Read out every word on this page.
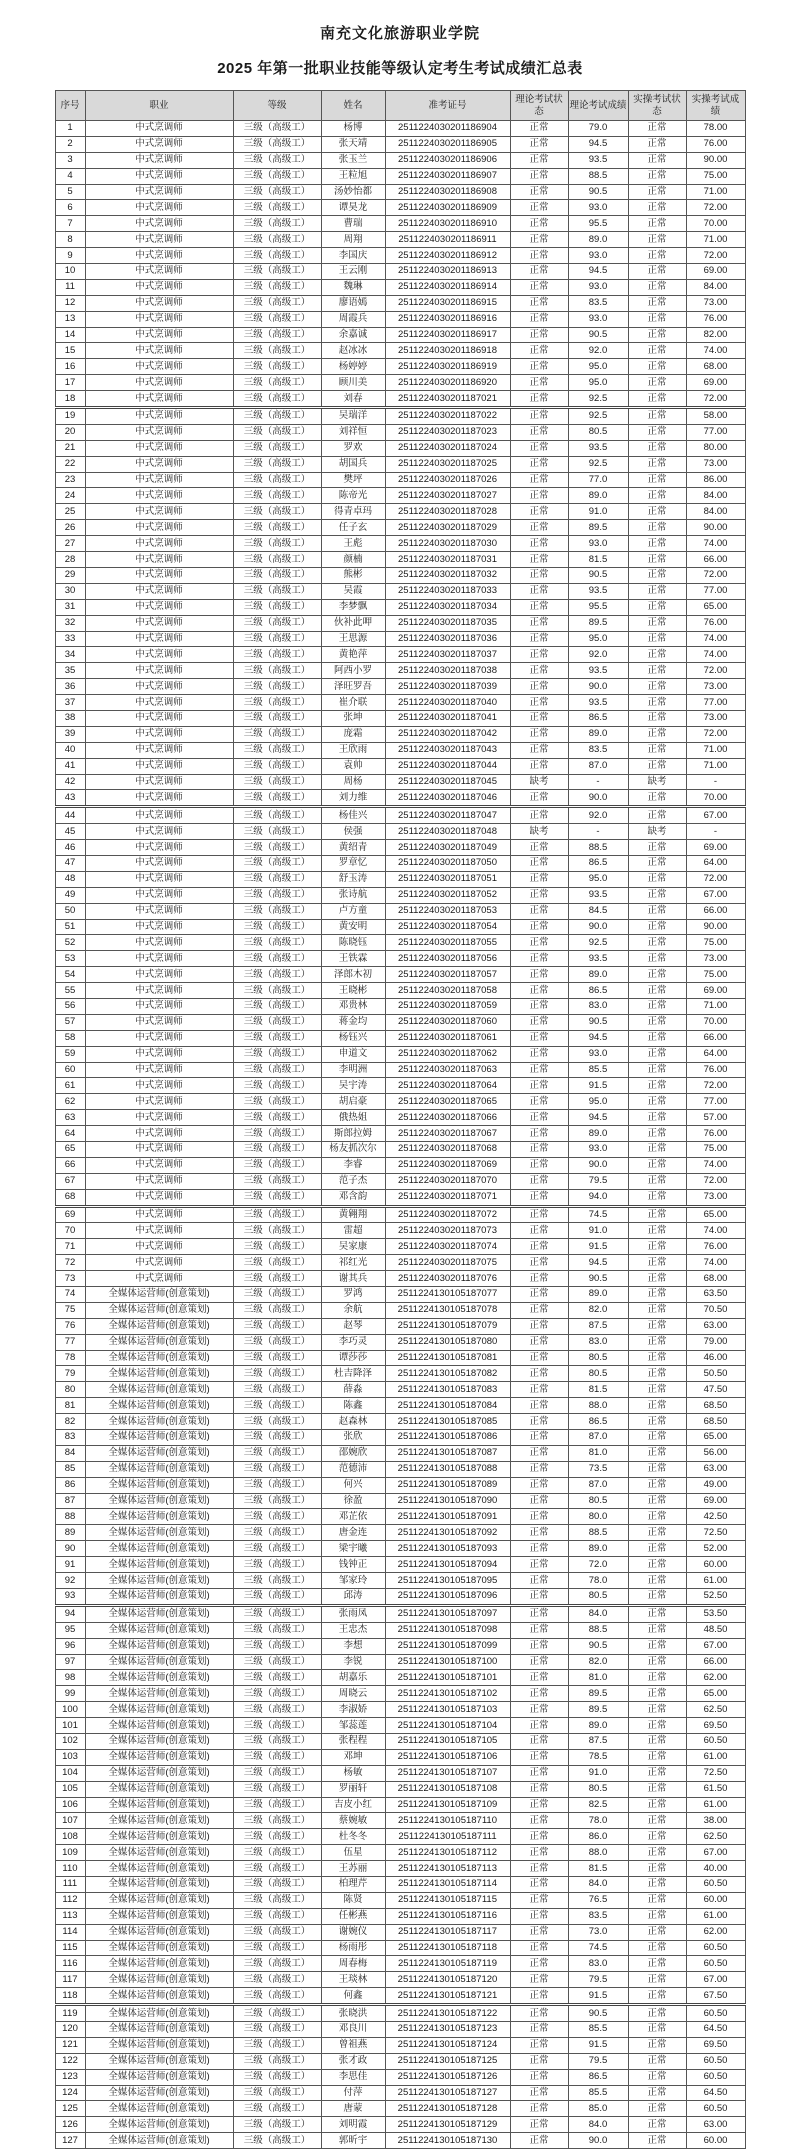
南充文化旅游职业学院
2025 年第一批职业技能等级认定考生考试成绩汇总表
序号	职业	等级	姓名	准考证号	理论考试状态	理论考试成绩	实操考试状态	实操考试成绩
1	中式烹调师	三级（高级工）	杨博	2511224030201186904	正常	79.0	正常	78.00
2	中式烹调师	三级（高级工）	张天靖	2511224030201186905	正常	94.5	正常	76.00
3	中式烹调师	三级（高级工）	张玉兰	2511224030201186906	正常	93.5	正常	90.00
4	中式烹调师	三级（高级工）	王粒旭	2511224030201186907	正常	88.5	正常	75.00
5	中式烹调师	三级（高级工）	汤妙怡都	2511224030201186908	正常	90.5	正常	71.00
6	中式烹调师	三级（高级工）	谭昊龙	2511224030201186909	正常	93.0	正常	72.00
7	中式烹调师	三级（高级工）	曹瑞	2511224030201186910	正常	95.5	正常	70.00
8	中式烹调师	三级（高级工）	周翔	2511224030201186911	正常	89.0	正常	71.00
9	中式烹调师	三级（高级工）	李国庆	2511224030201186912	正常	93.0	正常	72.00
10	中式烹调师	三级（高级工）	王云刚	2511224030201186913	正常	94.5	正常	69.00
11	中式烹调师	三级（高级工）	魏琳	2511224030201186914	正常	93.0	正常	84.00
12	中式烹调师	三级（高级工）	廖语嫣	2511224030201186915	正常	83.5	正常	73.00
13	中式烹调师	三级（高级工）	周霞兵	2511224030201186916	正常	93.0	正常	76.00
14	中式烹调师	三级（高级工）	余嘉诚	2511224030201186917	正常	90.5	正常	82.00
15	中式烹调师	三级（高级工）	赵冰冰	2511224030201186918	正常	92.0	正常	74.00
16	中式烹调师	三级（高级工）	杨婷婷	2511224030201186919	正常	95.0	正常	68.00
17	中式烹调师	三级（高级工）	顾川美	2511224030201186920	正常	95.0	正常	69.00
18	中式烹调师	三级（高级工）	刘春	2511224030201187021	正常	92.5	正常	72.00
19	中式烹调师	三级（高级工）	吴瑞洋	2511224030201187022	正常	92.5	正常	58.00
20	中式烹调师	三级（高级工）	刘祥恒	2511224030201187023	正常	80.5	正常	77.00
21	中式烹调师	三级（高级工）	罗欢	2511224030201187024	正常	93.5	正常	80.00
22	中式烹调师	三级（高级工）	胡国兵	2511224030201187025	正常	92.5	正常	73.00
23	中式烹调师	三级（高级工）	樊坪	2511224030201187026	正常	77.0	正常	86.00
24	中式烹调师	三级（高级工）	陈帝光	2511224030201187027	正常	89.0	正常	84.00
25	中式烹调师	三级（高级工）	得青卓玛	2511224030201187028	正常	91.0	正常	84.00
26	中式烹调师	三级（高级工）	任子玄	2511224030201187029	正常	89.5	正常	90.00
27	中式烹调师	三级（高级工）	王彪	2511224030201187030	正常	93.0	正常	74.00
28	中式烹调师	三级（高级工）	颜楠	2511224030201187031	正常	81.5	正常	66.00
29	中式烹调师	三级（高级工）	熊彬	2511224030201187032	正常	90.5	正常	72.00
30	中式烹调师	三级（高级工）	吴霞	2511224030201187033	正常	93.5	正常	77.00
31	中式烹调师	三级（高级工）	李梦飘	2511224030201187034	正常	95.5	正常	65.00
32	中式烹调师	三级（高级工）	伙补此呷	2511224030201187035	正常	89.5	正常	76.00
33	中式烹调师	三级（高级工）	王思源	2511224030201187036	正常	95.0	正常	74.00
34	中式烹调师	三级（高级工）	黄艳萍	2511224030201187037	正常	92.0	正常	74.00
35	中式烹调师	三级（高级工）	阿西小罗	2511224030201187038	正常	93.5	正常	72.00
36	中式烹调师	三级（高级工）	泽旺罗吾	2511224030201187039	正常	90.0	正常	73.00
37	中式烹调师	三级（高级工）	崔介联	2511224030201187040	正常	93.5	正常	77.00
38	中式烹调师	三级（高级工）	张坤	2511224030201187041	正常	86.5	正常	73.00
39	中式烹调师	三级（高级工）	庞霜	2511224030201187042	正常	89.0	正常	72.00
40	中式烹调师	三级（高级工）	王欣雨	2511224030201187043	正常	83.5	正常	71.00
41	中式烹调师	三级（高级工）	袁帅	2511224030201187044	正常	87.0	正常	71.00
42	中式烹调师	三级（高级工）	周杨	2511224030201187045	缺考	-	缺考	-
43	中式烹调师	三级（高级工）	刘力维	2511224030201187046	正常	90.0	正常	70.00
44	中式烹调师	三级（高级工）	杨佳兴	2511224030201187047	正常	92.0	正常	67.00
45	中式烹调师	三级（高级工）	侯强	2511224030201187048	缺考	-	缺考	-
46	中式烹调师	三级（高级工）	黄绍青	2511224030201187049	正常	88.5	正常	69.00
47	中式烹调师	三级（高级工）	罗章忆	2511224030201187050	正常	86.5	正常	64.00
48	中式烹调师	三级（高级工）	舒玉涛	2511224030201187051	正常	95.0	正常	72.00
49	中式烹调师	三级（高级工）	张诗航	2511224030201187052	正常	93.5	正常	67.00
50	中式烹调师	三级（高级工）	卢方童	2511224030201187053	正常	84.5	正常	66.00
51	中式烹调师	三级（高级工）	黄安明	2511224030201187054	正常	90.0	正常	90.00
52	中式烹调师	三级（高级工）	陈晓钰	2511224030201187055	正常	92.5	正常	75.00
53	中式烹调师	三级（高级工）	王铁霖	2511224030201187056	正常	93.5	正常	73.00
54	中式烹调师	三级（高级工）	泽郎木初	2511224030201187057	正常	89.0	正常	75.00
55	中式烹调师	三级（高级工）	王晓彬	2511224030201187058	正常	86.5	正常	69.00
56	中式烹调师	三级（高级工）	邓贵林	2511224030201187059	正常	83.0	正常	71.00
57	中式烹调师	三级（高级工）	蒋金均	2511224030201187060	正常	90.5	正常	70.00
58	中式烹调师	三级（高级工）	杨钰兴	2511224030201187061	正常	94.5	正常	66.00
59	中式烹调师	三级（高级工）	申道文	2511224030201187062	正常	93.0	正常	64.00
60	中式烹调师	三级（高级工）	李明洲	2511224030201187063	正常	85.5	正常	76.00
61	中式烹调师	三级（高级工）	吴宇涛	2511224030201187064	正常	91.5	正常	72.00
62	中式烹调师	三级（高级工）	胡启豪	2511224030201187065	正常	95.0	正常	77.00
63	中式烹调师	三级（高级工）	俄热姐	2511224030201187066	正常	94.5	正常	57.00
64	中式烹调师	三级（高级工）	斯郎拉姆	2511224030201187067	正常	89.0	正常	76.00
65	中式烹调师	三级（高级工）	杨友抓次尔	2511224030201187068	正常	93.0	正常	75.00
66	中式烹调师	三级（高级工）	李睿	2511224030201187069	正常	90.0	正常	74.00
67	中式烹调师	三级（高级工）	范子杰	2511224030201187070	正常	79.5	正常	72.00
68	中式烹调师	三级（高级工）	邓含韵	2511224030201187071	正常	94.0	正常	73.00
69	中式烹调师	三级（高级工）	黄翱翔	2511224030201187072	正常	74.5	正常	65.00
70	中式烹调师	三级（高级工）	雷超	2511224030201187073	正常	91.0	正常	74.00
71	中式烹调师	三级（高级工）	吴家康	2511224030201187074	正常	91.5	正常	76.00
72	中式烹调师	三级（高级工）	祁红光	2511224030201187075	正常	94.5	正常	74.00
73	中式烹调师	三级（高级工）	谢其兵	2511224030201187076	正常	90.5	正常	68.00
74	全媒体运营师(创意策划)	三级（高级工）	罗鸿	2511224130105187077	正常	89.0	正常	63.50
75	全媒体运营师(创意策划)	三级（高级工）	余航	2511224130105187078	正常	82.0	正常	70.50
76	全媒体运营师(创意策划)	三级（高级工）	赵琴	2511224130105187079	正常	87.5	正常	63.00
77	全媒体运营师(创意策划)	三级（高级工）	李巧灵	2511224130105187080	正常	83.0	正常	79.00
78	全媒体运营师(创意策划)	三级（高级工）	谭莎莎	2511224130105187081	正常	80.5	正常	46.00
79	全媒体运营师(创意策划)	三级（高级工）	杜吉降泽	2511224130105187082	正常	80.5	正常	50.50
80	全媒体运营师(创意策划)	三级（高级工）	薛淼	2511224130105187083	正常	81.5	正常	47.50
81	全媒体运营师(创意策划)	三级（高级工）	陈鑫	2511224130105187084	正常	88.0	正常	68.50
82	全媒体运营师(创意策划)	三级（高级工）	赵森林	2511224130105187085	正常	86.5	正常	68.50
83	全媒体运营师(创意策划)	三级（高级工）	张欣	2511224130105187086	正常	87.0	正常	65.00
84	全媒体运营师(创意策划)	三级（高级工）	邵婉欣	2511224130105187087	正常	81.0	正常	56.00
85	全媒体运营师(创意策划)	三级（高级工）	范德沛	2511224130105187088	正常	73.5	正常	63.00
86	全媒体运营师(创意策划)	三级（高级工）	何兴	2511224130105187089	正常	87.0	正常	49.00
87	全媒体运营师(创意策划)	三级（高级工）	徐盈	2511224130105187090	正常	80.5	正常	69.00
88	全媒体运营师(创意策划)	三级（高级工）	邓芷依	2511224130105187091	正常	80.0	正常	42.50
89	全媒体运营师(创意策划)	三级（高级工）	唐金连	2511224130105187092	正常	88.5	正常	72.50
90	全媒体运营师(创意策划)	三级（高级工）	梁宇曦	2511224130105187093	正常	89.0	正常	52.00
91	全媒体运营师(创意策划)	三级（高级工）	钱钟正	2511224130105187094	正常	72.0	正常	60.00
92	全媒体运营师(创意策划)	三级（高级工）	邹家玲	2511224130105187095	正常	78.0	正常	61.00
93	全媒体运营师(创意策划)	三级（高级工）	邱涛	2511224130105187096	正常	80.5	正常	52.50
94	全媒体运营师(创意策划)	三级（高级工）	张雨凤	2511224130105187097	正常	84.0	正常	53.50
95	全媒体运营师(创意策划)	三级（高级工）	王忠杰	2511224130105187098	正常	88.5	正常	48.50
96	全媒体运营师(创意策划)	三级（高级工）	李想	2511224130105187099	正常	90.5	正常	67.00
97	全媒体运营师(创意策划)	三级（高级工）	李锐	2511224130105187100	正常	82.0	正常	66.00
98	全媒体运营师(创意策划)	三级（高级工）	胡嘉乐	2511224130105187101	正常	81.0	正常	62.00
99	全媒体运营师(创意策划)	三级（高级工）	周晓云	2511224130105187102	正常	89.5	正常	65.00
100	全媒体运营师(创意策划)	三级（高级工）	李淑娇	2511224130105187103	正常	89.5	正常	62.50
101	全媒体运营师(创意策划)	三级（高级工）	邹蕊莲	2511224130105187104	正常	89.0	正常	69.50
102	全媒体运营师(创意策划)	三级（高级工）	张程程	2511224130105187105	正常	87.5	正常	60.50
103	全媒体运营师(创意策划)	三级（高级工）	邓坤	2511224130105187106	正常	78.5	正常	61.00
104	全媒体运营师(创意策划)	三级（高级工）	杨敏	2511224130105187107	正常	91.0	正常	72.50
105	全媒体运营师(创意策划)	三级（高级工）	罗丽轩	2511224130105187108	正常	80.5	正常	61.50
106	全媒体运营师(创意策划)	三级（高级工）	吉皮小红	2511224130105187109	正常	82.5	正常	61.00
107	全媒体运营师(创意策划)	三级（高级工）	蔡婉敏	2511224130105187110	正常	78.0	正常	38.00
108	全媒体运营师(创意策划)	三级（高级工）	杜冬冬	2511224130105187111	正常	86.0	正常	62.50
109	全媒体运营师(创意策划)	三级（高级工）	伍星	2511224130105187112	正常	88.0	正常	67.00
110	全媒体运营师(创意策划)	三级（高级工）	王苏丽	2511224130105187113	正常	81.5	正常	40.00
111	全媒体运营师(创意策划)	三级（高级工）	柏理芹	2511224130105187114	正常	84.0	正常	60.50
112	全媒体运营师(创意策划)	三级（高级工）	陈贤	2511224130105187115	正常	76.5	正常	60.00
113	全媒体运营师(创意策划)	三级（高级工）	任彬燕	2511224130105187116	正常	83.5	正常	61.00
114	全媒体运营师(创意策划)	三级（高级工）	谢婉仪	2511224130105187117	正常	73.0	正常	62.00
115	全媒体运营师(创意策划)	三级（高级工）	杨雨彤	2511224130105187118	正常	74.5	正常	60.50
116	全媒体运营师(创意策划)	三级（高级工）	周春梅	2511224130105187119	正常	83.0	正常	60.50
117	全媒体运营师(创意策划)	三级（高级工）	王琰林	2511224130105187120	正常	79.5	正常	67.00
118	全媒体运营师(创意策划)	三级（高级工）	何鑫	2511224130105187121	正常	91.5	正常	67.50
119	全媒体运营师(创意策划)	三级（高级工）	张晓洪	2511224130105187122	正常	90.5	正常	60.50
120	全媒体运营师(创意策划)	三级（高级工）	邓良川	2511224130105187123	正常	85.5	正常	64.50
121	全媒体运营师(创意策划)	三级（高级工）	曾祖燕	2511224130105187124	正常	91.5	正常	69.50
122	全媒体运营师(创意策划)	三级（高级工）	张才政	2511224130105187125	正常	79.5	正常	60.50
123	全媒体运营师(创意策划)	三级（高级工）	李思佳	2511224130105187126	正常	86.5	正常	60.50
124	全媒体运营师(创意策划)	三级（高级工）	付萍	2511224130105187127	正常	85.5	正常	64.50
125	全媒体运营师(创意策划)	三级（高级工）	唐蒙	2511224130105187128	正常	85.0	正常	60.50
126	全媒体运营师(创意策划)	三级（高级工）	刘明霞	2511224130105187129	正常	84.0	正常	63.00
127	全媒体运营师(创意策划)	三级（高级工）	郭昕宇	2511224130105187130	正常	90.0	正常	60.00
